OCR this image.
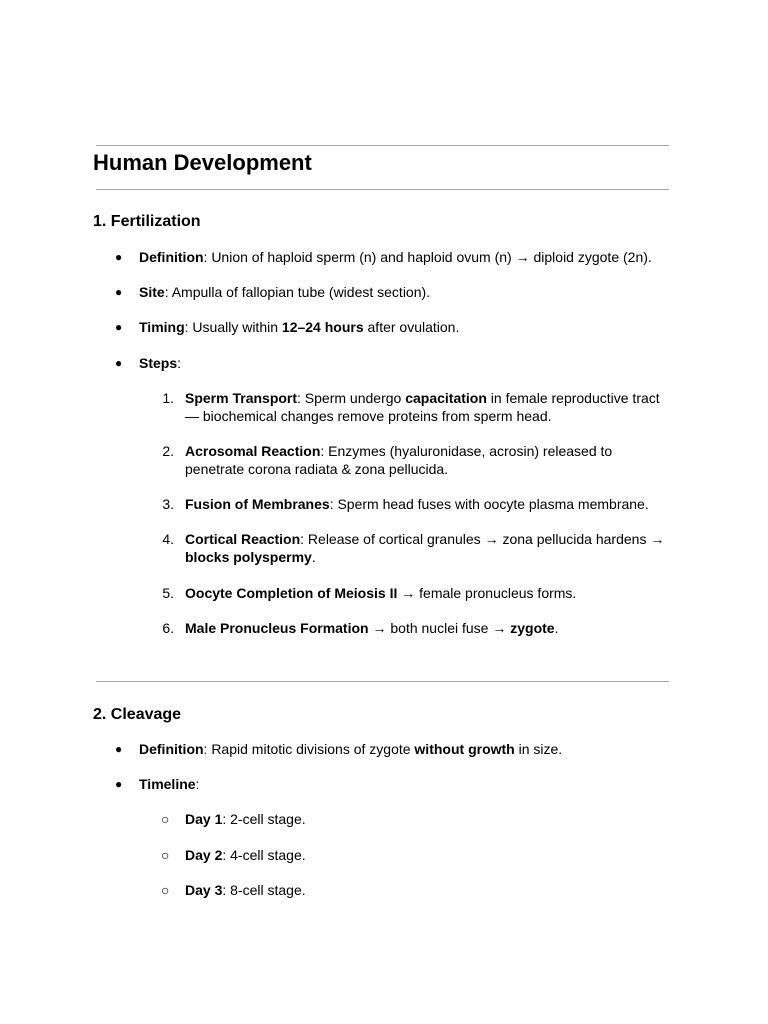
Human Development
1. Fertilization
● Definition: Union of haploid sperm (n) and haploid ovum (n) → diploid zygote (2n).
● Site: Ampulla of fallopian tube (widest section).
● Timing: Usually within 12–24 hours after ovulation.
● Steps:
1. Sperm Transport: Sperm undergo capacitation in female reproductive tract
— biochemical changes remove proteins from sperm head.
2. Acrosomal Reaction: Enzymes (hyaluronidase, acrosin) released to
penetrate corona radiata & zona pellucida.
3. Fusion of Membranes: Sperm head fuses with oocyte plasma membrane.
4. Cortical Reaction: Release of cortical granules → zona pellucida hardens →
blocks polyspermy.
5. Oocyte Completion of Meiosis II → female pronucleus forms.
6. Male Pronucleus Formation → both nuclei fuse → zygote.
2. Cleavage
● Definition: Rapid mitotic divisions of zygote without growth in size.
● Timeline:
○ Day 1: 2-cell stage.
○ Day 2: 4-cell stage.
○ Day 3: 8-cell stage.
